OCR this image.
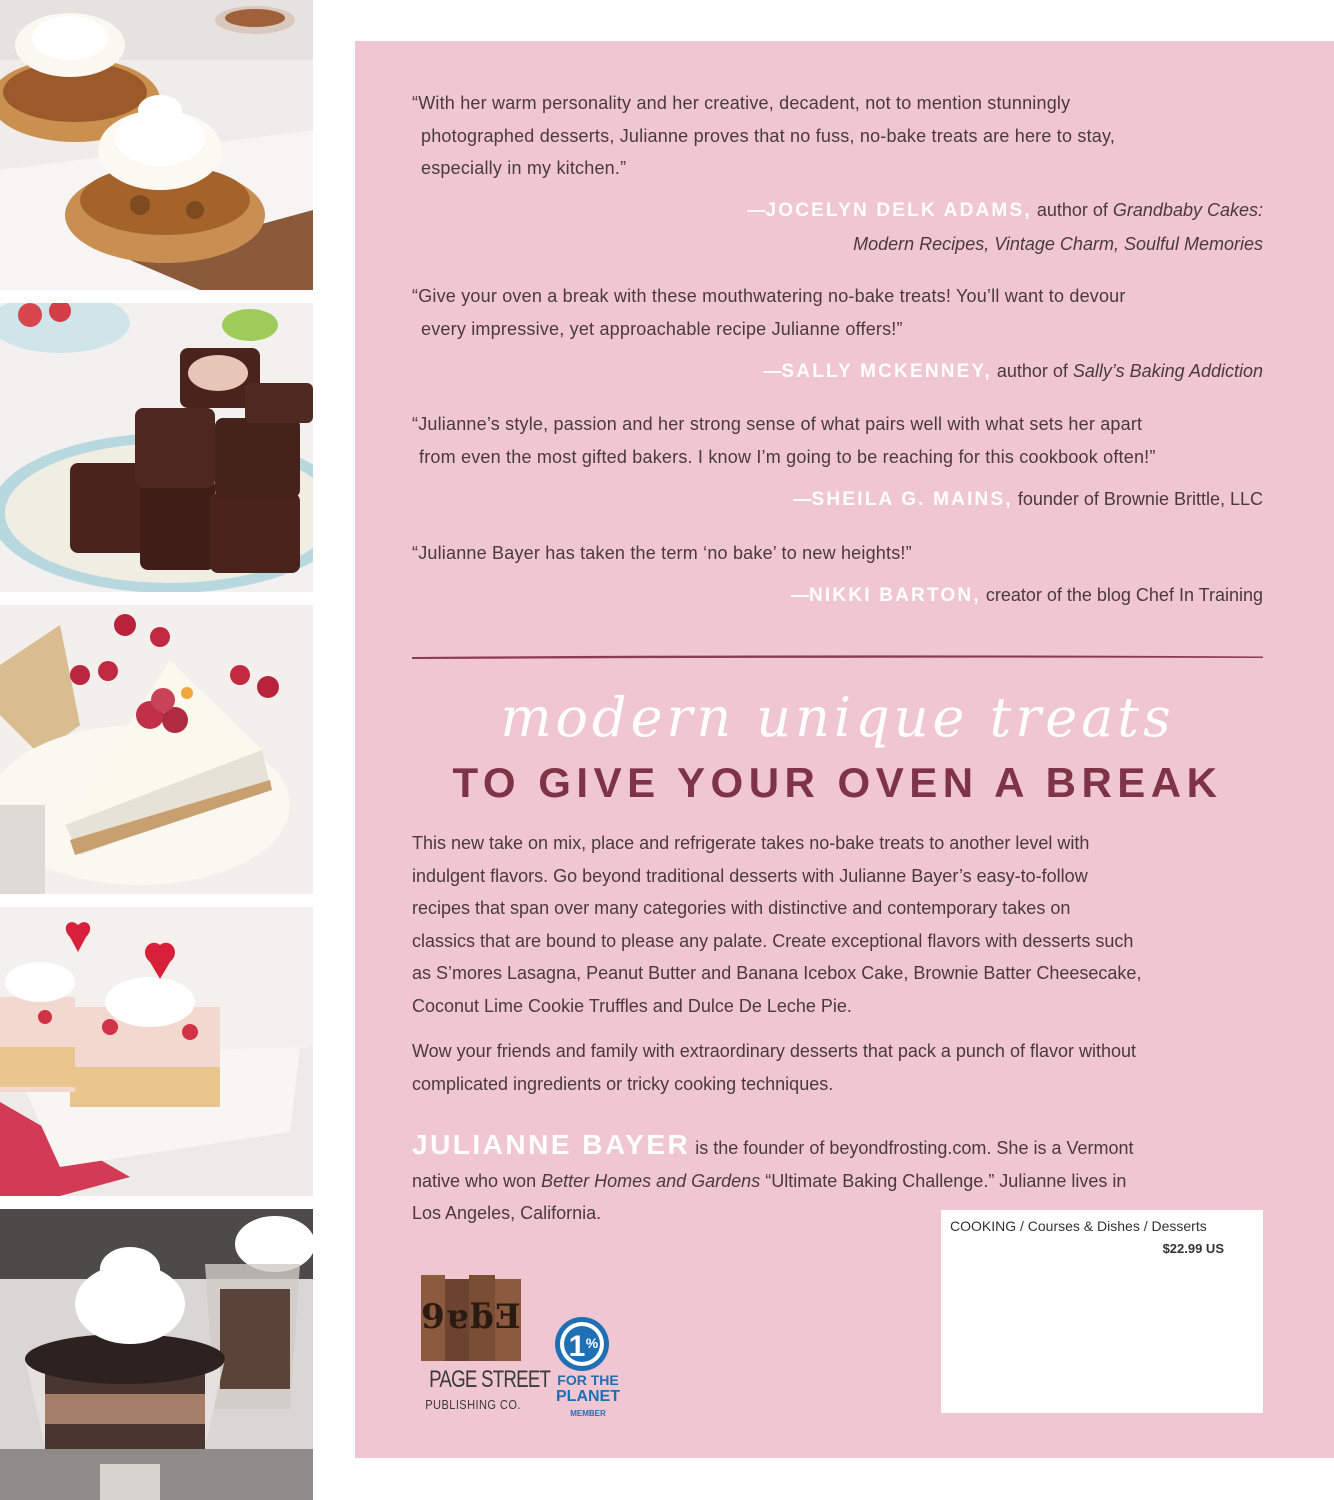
“With her warm personality and her creative, decadent, not to mention stunningly
photographed desserts, Julianne proves that no fuss, no-bake treats are here to stay,
especially in my kitchen.”
—JOCELYN DELK ADAMS, author of Grandbaby Cakes:
Modern Recipes, Vintage Charm, Soulful Memories
“Give your oven a break with these mouthwatering no-bake treats! You’ll want to devour
every impressive, yet approachable recipe Julianne offers!”
—SALLY MCKENNEY, author of Sally’s Baking Addiction
“Julianne’s style, passion and her strong sense of what pairs well with what sets her apart
from even the most gifted bakers. I know I’m going to be reaching for this cookbook often!”
—SHEILA G. MAINS, founder of Brownie Brittle, LLC
“Julianne Bayer has taken the term ‘no bake’ to new heights!”
—NIKKI BARTON, creator of the blog Chef In Training
modern unique treats
TO GIVE YOUR OVEN A BREAK
This new take on mix, place and refrigerate takes no-bake treats to another level with
indulgent flavors. Go beyond traditional desserts with Julianne Bayer’s easy-to-follow
recipes that span over many categories with distinctive and contemporary takes on
classics that are bound to please any palate. Create exceptional flavors with desserts such
as S’mores Lasagna, Peanut Butter and Banana Icebox Cake, Brownie Batter Cheesecake,
Coconut Lime Cookie Truffles and Dulce De Leche Pie.
Wow your friends and family with extraordinary desserts that pack a punch of flavor without
complicated ingredients or tricky cooking techniques.
JULIANNE BAYER is the founder of beyondfrosting.com. She is a Vermont
native who won Better Homes and Gardens “Ultimate Baking Challenge.” Julianne lives in
Los Angeles, California.
9 ɐ ƃ Ǝ
PAGE STREET
PUBLISHING CO.
1 %
FOR THE
PLANET
MEMBER
COOKING / Courses & Dishes / Desserts
$22.99 US
